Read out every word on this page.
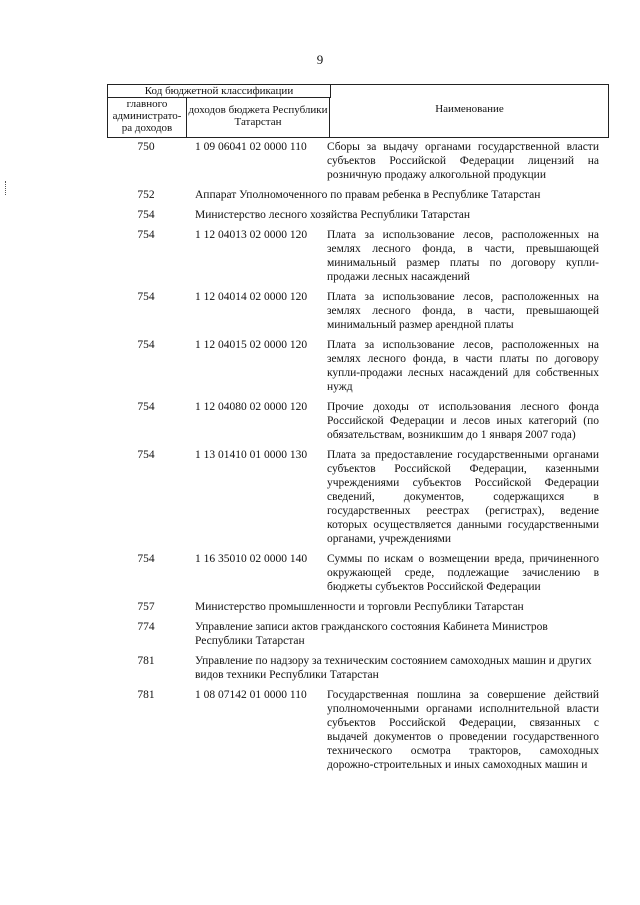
9
Код бюджетной классификации
главного администрато-ра доходов
доходов бюджета Республики Татарстан
Наименование
750	1 09 06041 02 0000 110	Сборы за выдачу органами государственной власти субъектов Российской Федерации лицензий на розничную продажу алкогольной продукции
752	Аппарат Уполномоченного по правам ребенка в Республике Татарстан
754	Министерство лесного хозяйства Республики Татарстан
754	1 12 04013 02 0000 120	Плата за использование лесов, расположенных на землях лесного фонда, в части, превышающей минимальный размер платы по договору купли-продажи лесных насаждений
754	1 12 04014 02 0000 120	Плата за использование лесов, расположенных на землях лесного фонда, в части, превышающей минимальный размер арендной платы
754	1 12 04015 02 0000 120	Плата за использование лесов, расположенных на землях лесного фонда, в части платы по договору купли-продажи лесных насаждений для собственных нужд
754	1 12 04080 02 0000 120	Прочие доходы от использования лесного фонда Российской Федерации и лесов иных категорий (по обязательствам, возникшим до 1 января 2007 года)
754	1 13 01410 01 0000 130	Плата за предоставление государственными органами субъектов Российской Федерации, казенными учреждениями субъектов Российской Федерации сведений, документов, содержащихся в государственных реестрах (регистрах), ведение которых осуществляется данными государственными органами, учреждениями
754	1 16 35010 02 0000 140	Суммы по искам о возмещении вреда, причиненного окружающей среде, подлежащие зачислению в бюджеты субъектов Российской Федерации
757	Министерство промышленности и торговли Республики Татарстан
774	Управление записи актов гражданского состояния Кабинета Министров Республики Татарстан
781	Управление по надзору за техническим состоянием самоходных машин и других видов техники Республики Татарстан
781	1 08 07142 01 0000 110	Государственная пошлина за совершение действий уполномоченными органами исполнительной власти субъектов Российской Федерации, связанных с выдачей документов о проведении государственного технического осмотра тракторов, самоходных дорожно-строительных и иных самоходных машин и
